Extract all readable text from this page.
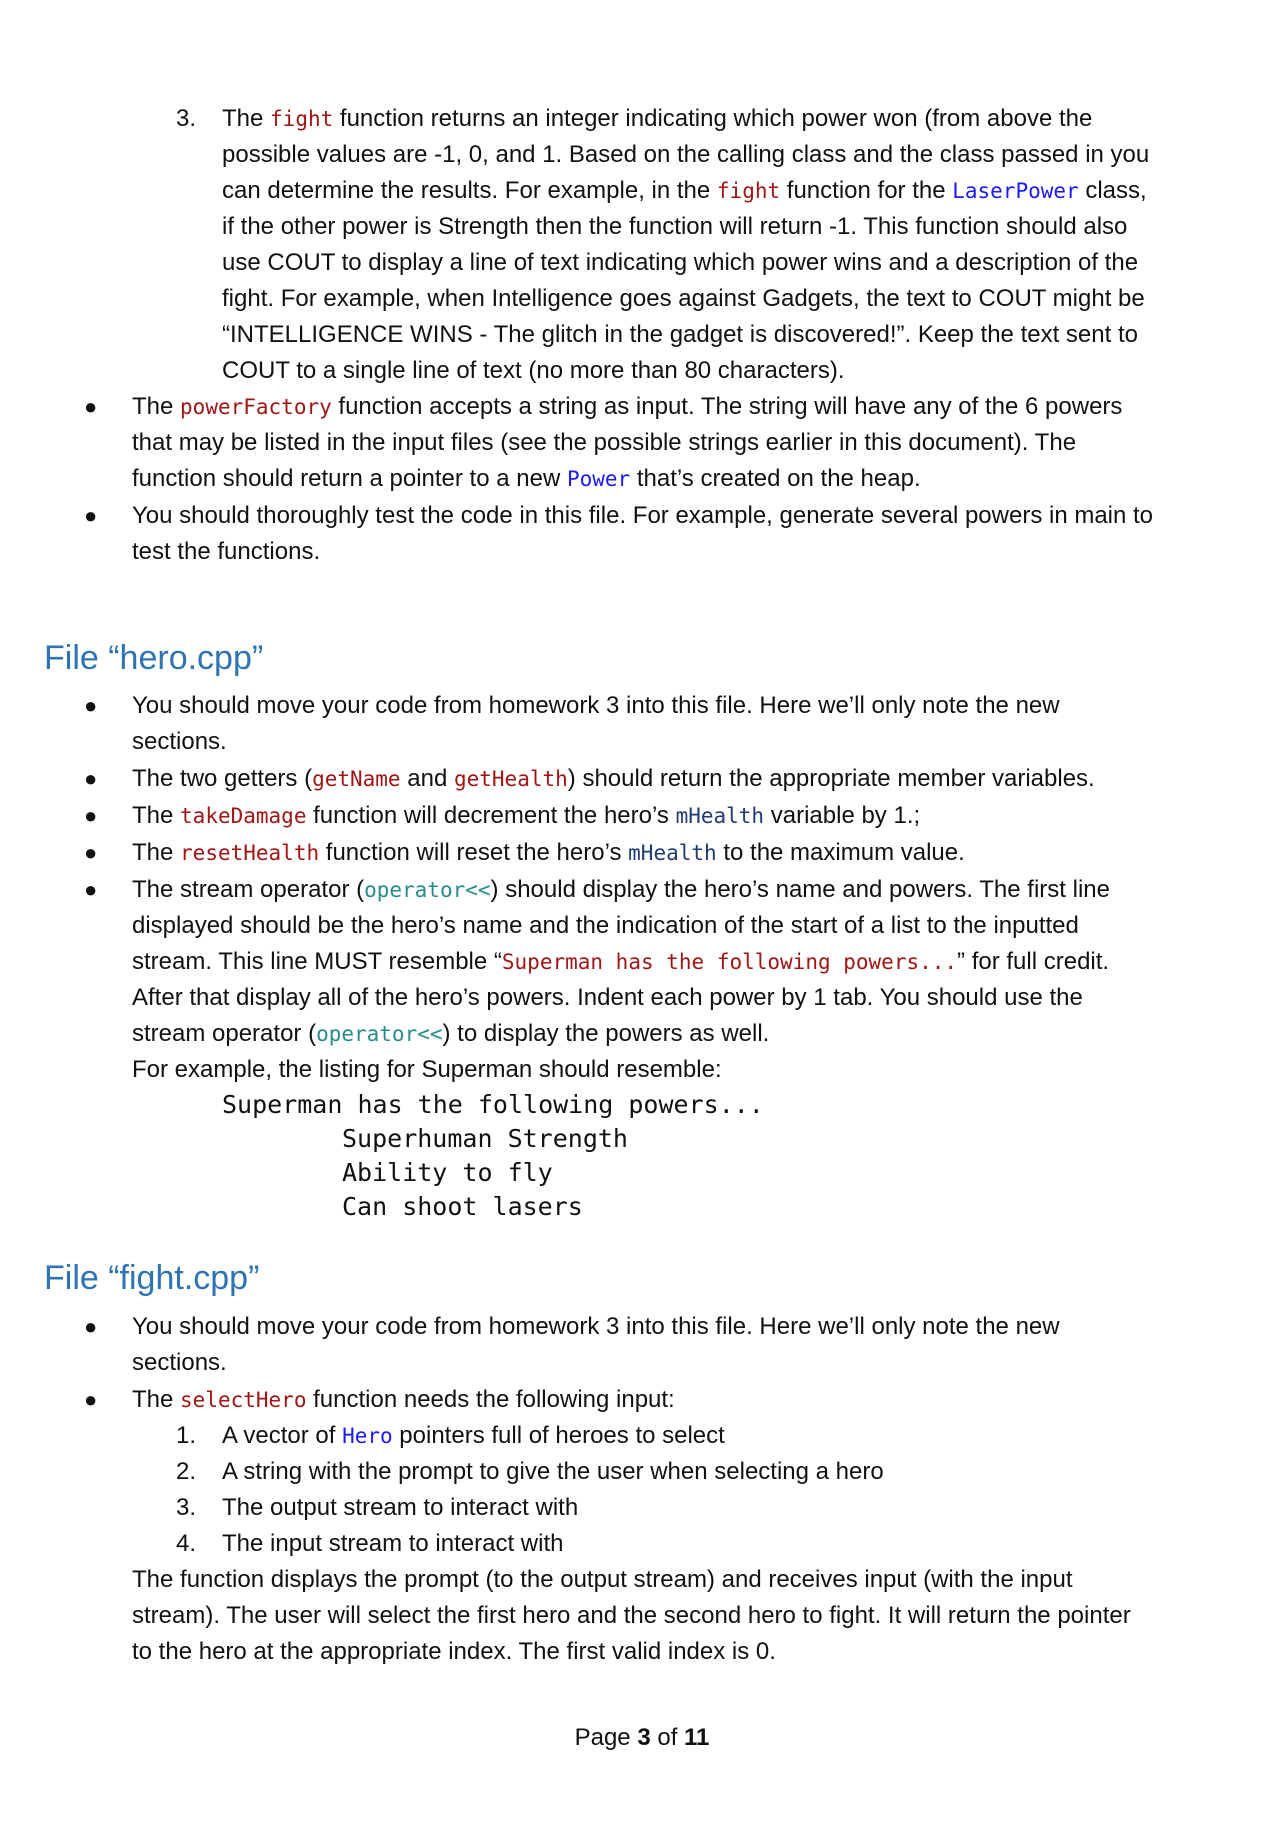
3. The fight function returns an integer indicating which power won (from above the
possible values are -1, 0, and 1. Based on the calling class and the class passed in you
can determine the results. For example, in the fight function for the LaserPower class,
if the other power is Strength then the function will return -1. This function should also
use COUT to display a line of text indicating which power wins and a description of the
fight. For example, when Intelligence goes against Gadgets, the text to COUT might be
“INTELLIGENCE WINS - The glitch in the gadget is discovered!”. Keep the text sent to
COUT to a single line of text (no more than 80 characters).
● The powerFactory function accepts a string as input. The string will have any of the 6 powers
that may be listed in the input files (see the possible strings earlier in this document). The
function should return a pointer to a new Power that’s created on the heap.
● You should thoroughly test the code in this file. For example, generate several powers in main to
test the functions.
File “hero.cpp”
● You should move your code from homework 3 into this file. Here we’ll only note the new
sections.
● The two getters (getName and getHealth) should return the appropriate member variables.
● The takeDamage function will decrement the hero’s mHealth variable by 1.;
● The resetHealth function will reset the hero’s mHealth to the maximum value.
● The stream operator (operator<<) should display the hero’s name and powers. The first line
displayed should be the hero’s name and the indication of the start of a list to the inputted
stream. This line MUST resemble “Superman has the following powers...” for full credit.
After that display all of the hero’s powers. Indent each power by 1 tab. You should use the
stream operator (operator<<) to display the powers as well.
For example, the listing for Superman should resemble:
Superman has the following powers...
Superhuman Strength
Ability to fly
Can shoot lasers
File “fight.cpp”
● You should move your code from homework 3 into this file. Here we’ll only note the new
sections.
● The selectHero function needs the following input:
1. A vector of Hero pointers full of heroes to select
2. A string with the prompt to give the user when selecting a hero
3. The output stream to interact with
4. The input stream to interact with
The function displays the prompt (to the output stream) and receives input (with the input
stream). The user will select the first hero and the second hero to fight. It will return the pointer
to the hero at the appropriate index. The first valid index is 0.
Page 3 of 11
